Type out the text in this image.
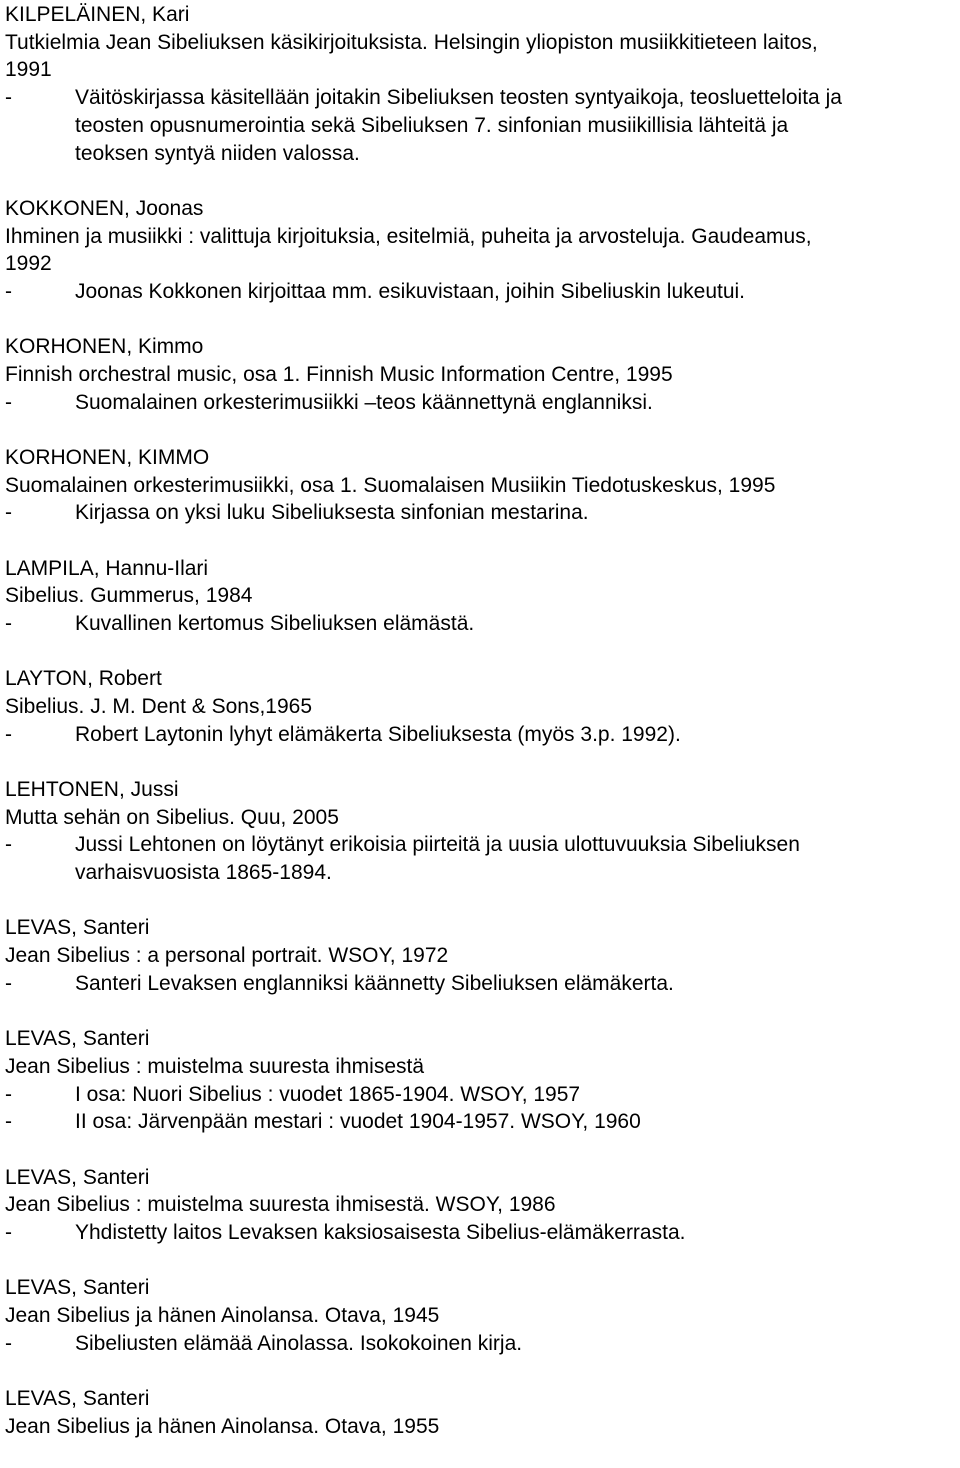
KILPELÄINEN, Kari
Tutkielmia Jean Sibeliuksen käsikirjoituksista. Helsingin yliopiston musiikkitieteen laitos,
1991
-	Väitöskirjassa käsitellään joitakin Sibeliuksen teosten syntyaikoja, teosluetteloita ja
teosten opusnumerointia sekä Sibeliuksen 7. sinfonian musiikillisia lähteitä ja
teoksen syntyä niiden valossa.
KOKKONEN, Joonas
Ihminen ja musiikki : valittuja kirjoituksia, esitelmiä, puheita ja arvosteluja. Gaudeamus,
1992
-	Joonas Kokkonen kirjoittaa mm. esikuvistaan, joihin Sibeliuskin lukeutui.
KORHONEN, Kimmo
Finnish orchestral music, osa 1. Finnish Music Information Centre, 1995
-	Suomalainen orkesterimusiikki –teos käännettynä englanniksi.
KORHONEN, KIMMO
Suomalainen orkesterimusiikki, osa 1. Suomalaisen Musiikin Tiedotuskeskus, 1995
-	Kirjassa on yksi luku Sibeliuksesta sinfonian mestarina.
LAMPILA, Hannu-Ilari
Sibelius. Gummerus, 1984
-	Kuvallinen kertomus Sibeliuksen elämästä.
LAYTON, Robert
Sibelius. J. M. Dent & Sons,1965
-	Robert Laytonin lyhyt elämäkerta Sibeliuksesta (myös 3.p. 1992).
LEHTONEN, Jussi
Mutta sehän on Sibelius. Quu, 2005
-	Jussi Lehtonen on löytänyt erikoisia piirteitä ja uusia ulottuvuuksia Sibeliuksen
varhaisvuosista 1865-1894.
LEVAS, Santeri
Jean Sibelius : a personal portrait. WSOY, 1972
-	Santeri Levaksen englanniksi käännetty Sibeliuksen elämäkerta.
LEVAS, Santeri
Jean Sibelius : muistelma suuresta ihmisestä
-	I osa: Nuori Sibelius : vuodet 1865-1904. WSOY, 1957
-	II osa: Järvenpään mestari : vuodet 1904-1957. WSOY, 1960
LEVAS, Santeri
Jean Sibelius : muistelma suuresta ihmisestä. WSOY, 1986
-	Yhdistetty laitos Levaksen kaksiosaisesta Sibelius-elämäkerrasta.
LEVAS, Santeri
Jean Sibelius ja hänen Ainolansa. Otava, 1945
-	Sibeliusten elämää Ainolassa. Isokokoinen kirja.
LEVAS, Santeri
Jean Sibelius ja hänen Ainolansa. Otava, 1955
